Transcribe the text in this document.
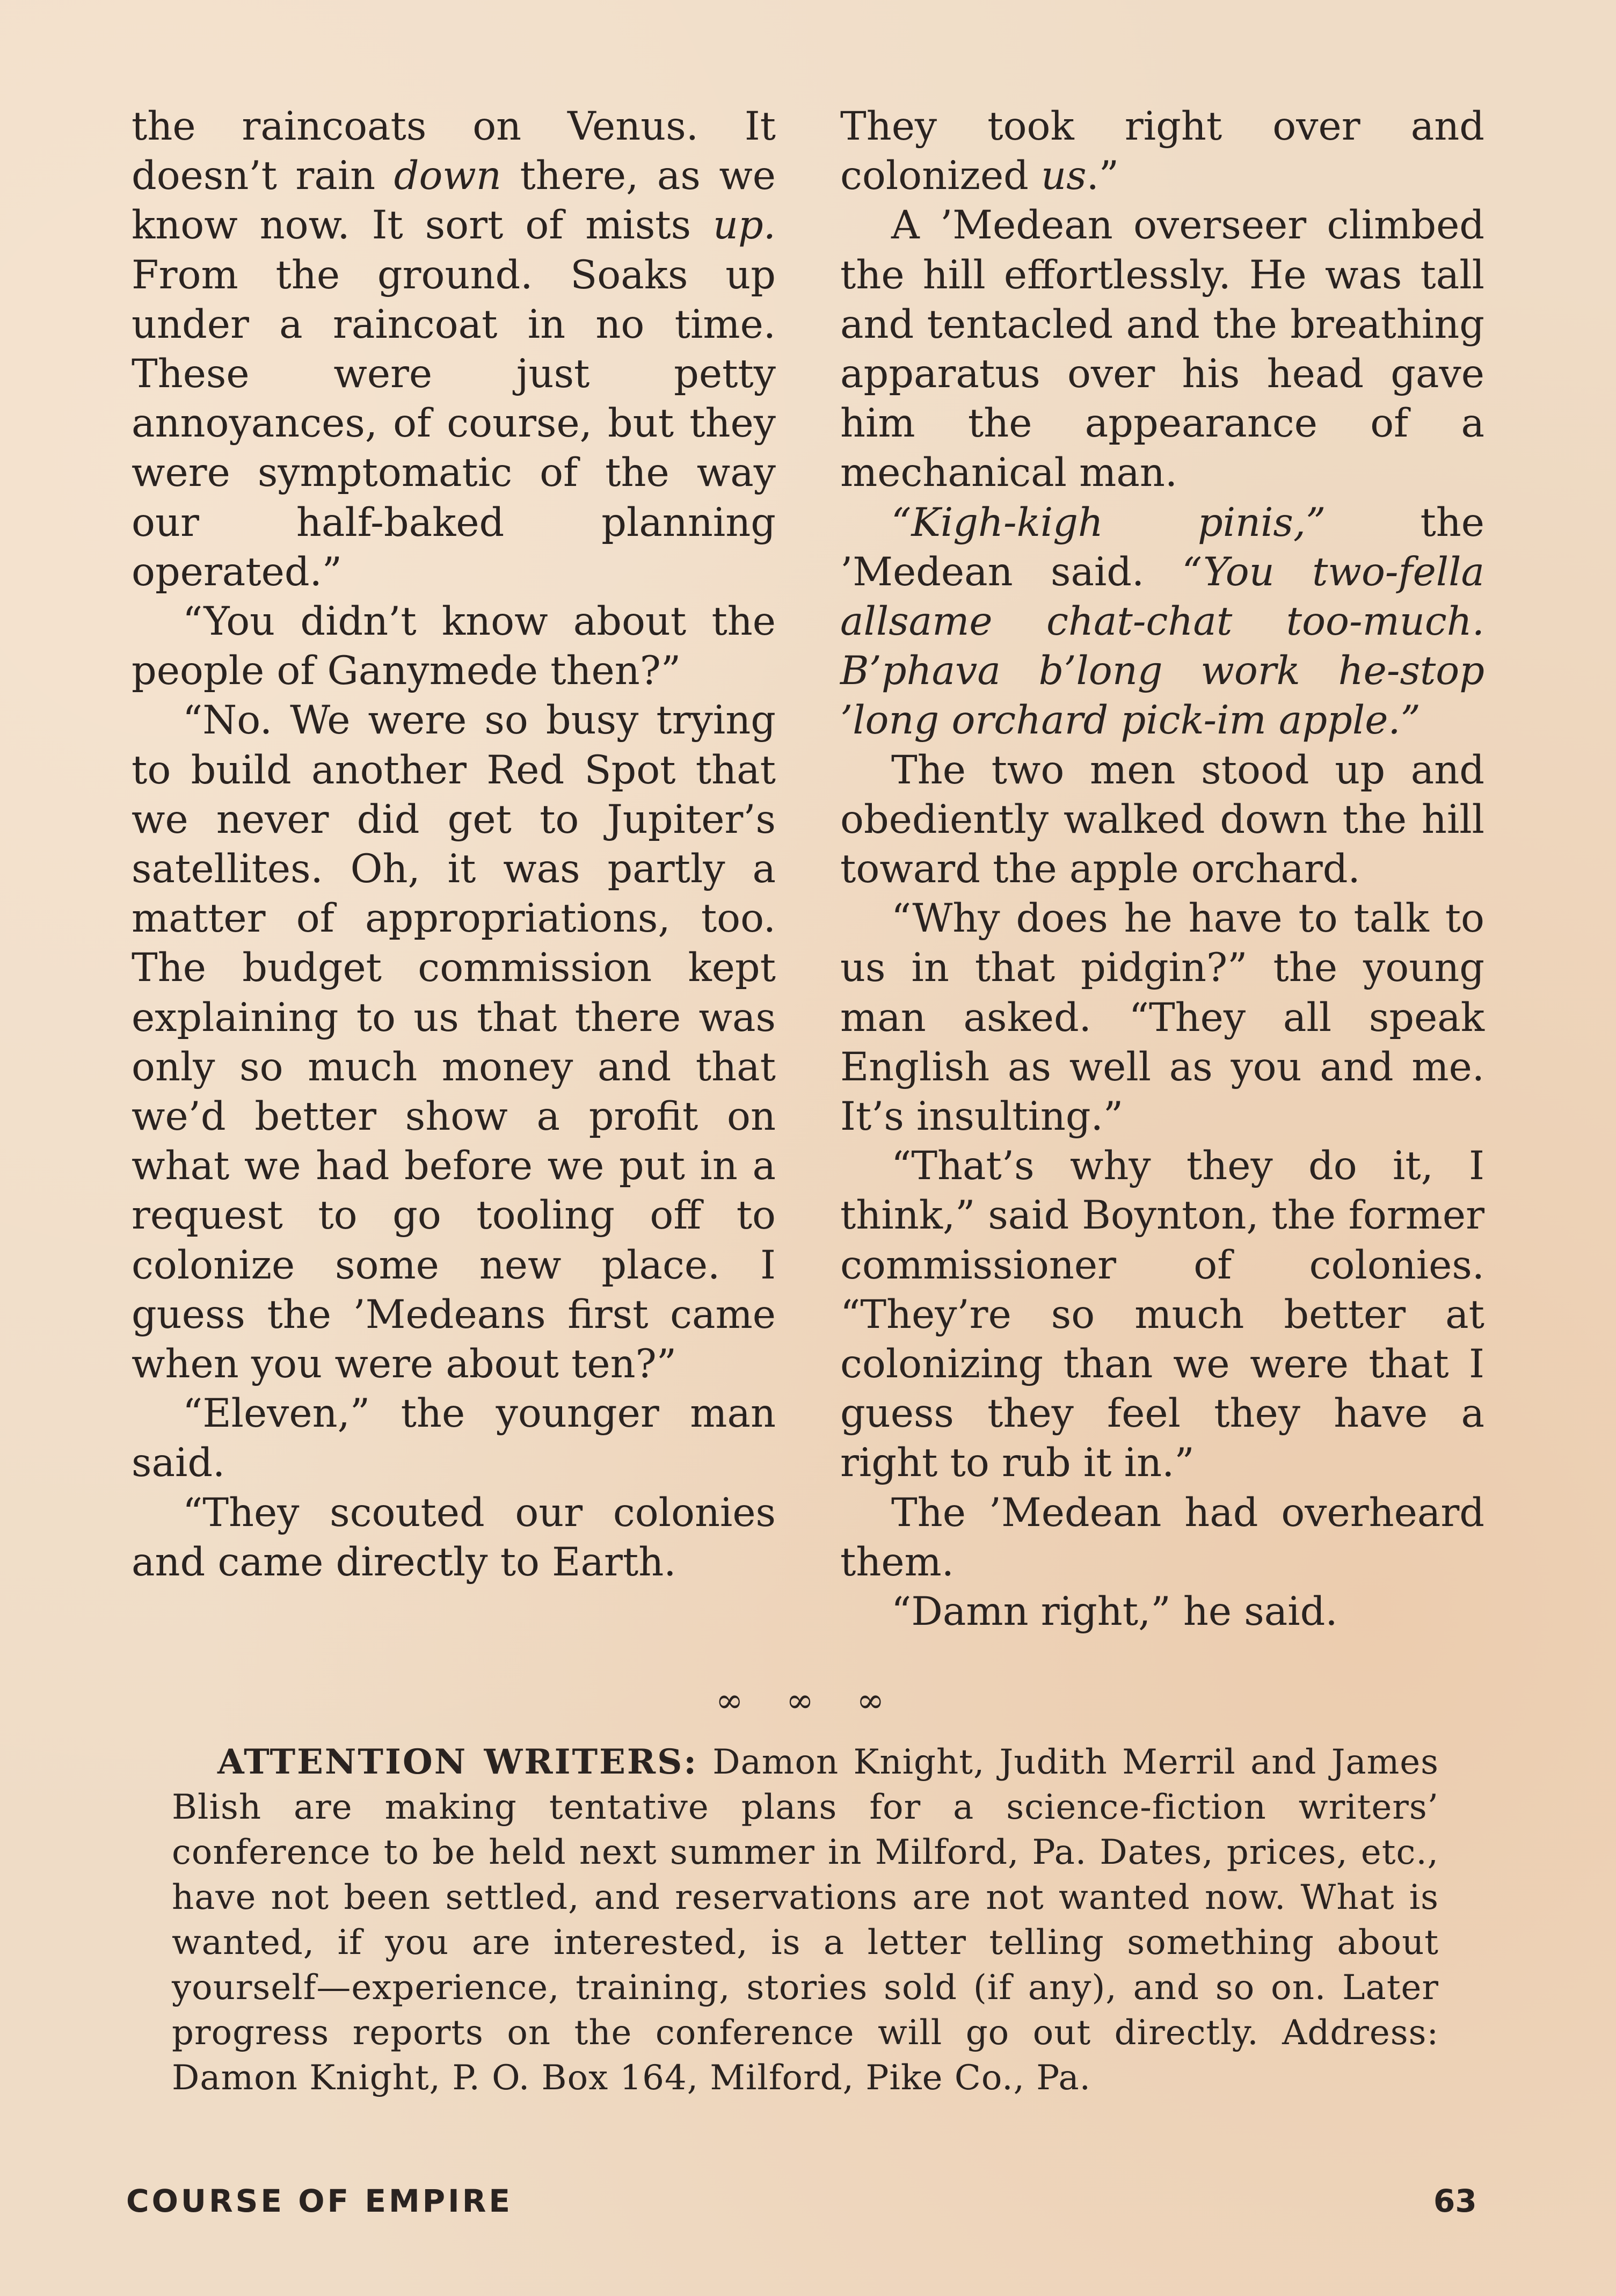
the raincoats on Venus. It doesn’t rain down there, as we know now. It sort of mists up. From the ground. Soaks up under a raincoat in no time. These were just petty annoyances, of course, but they were symptomatic of the way our half-baked planning operated.”

“You didn’t know about the people of Ganymede then?”

“No. We were so busy trying to build another Red Spot that we never did get to Jupiter’s satellites. Oh, it was partly a matter of appropriations, too. The budget commission kept explaining to us that there was only so much money and that we’d better show a profit on what we had before we put in a request to go tooling off to colonize some new place. I guess the ’Medeans first came when you were about ten?”

“Eleven,” the younger man said.

“They scouted our colonies and came directly to Earth.

They took right over and colonized us.”

A ’Medean overseer climbed the hill effortlessly. He was tall and tentacled and the breathing apparatus over his head gave him the appearance of a mechanical man.

“Kigh-kigh pinis,” the ’Medean said. “You two-fella allsame chat-chat too-much. B’phava b’long work he-stop ’long orchard pick-im apple.”

The two men stood up and obediently walked down the hill toward the apple orchard.

“Why does he have to talk to us in that pidgin?” the young man asked. “They all speak English as well as you and me. It’s insulting.”

“That’s why they do it, I think,” said Boynton, the former commissioner of colonies. “They’re so much better at colonizing than we were that I guess they feel they have a right to rub it in.”

The ’Medean had overheard them.

“Damn right,” he said.

∞ ∞ ∞
ATTENTION WRITERS: Damon Knight, Judith Merril and James Blish are making tentative plans for a science-fiction writers’ conference to be held next summer in Milford, Pa. Dates, prices, etc., have not been settled, and reservations are not wanted now. What is wanted, if you are interested, is a letter telling something about yourself—experience, training, stories sold (if any), and so on. Later progress reports on the conference will go out directly. Address: Damon Knight, P. O. Box 164, Milford, Pike Co., Pa.
COURSE OF EMPIRE	63
